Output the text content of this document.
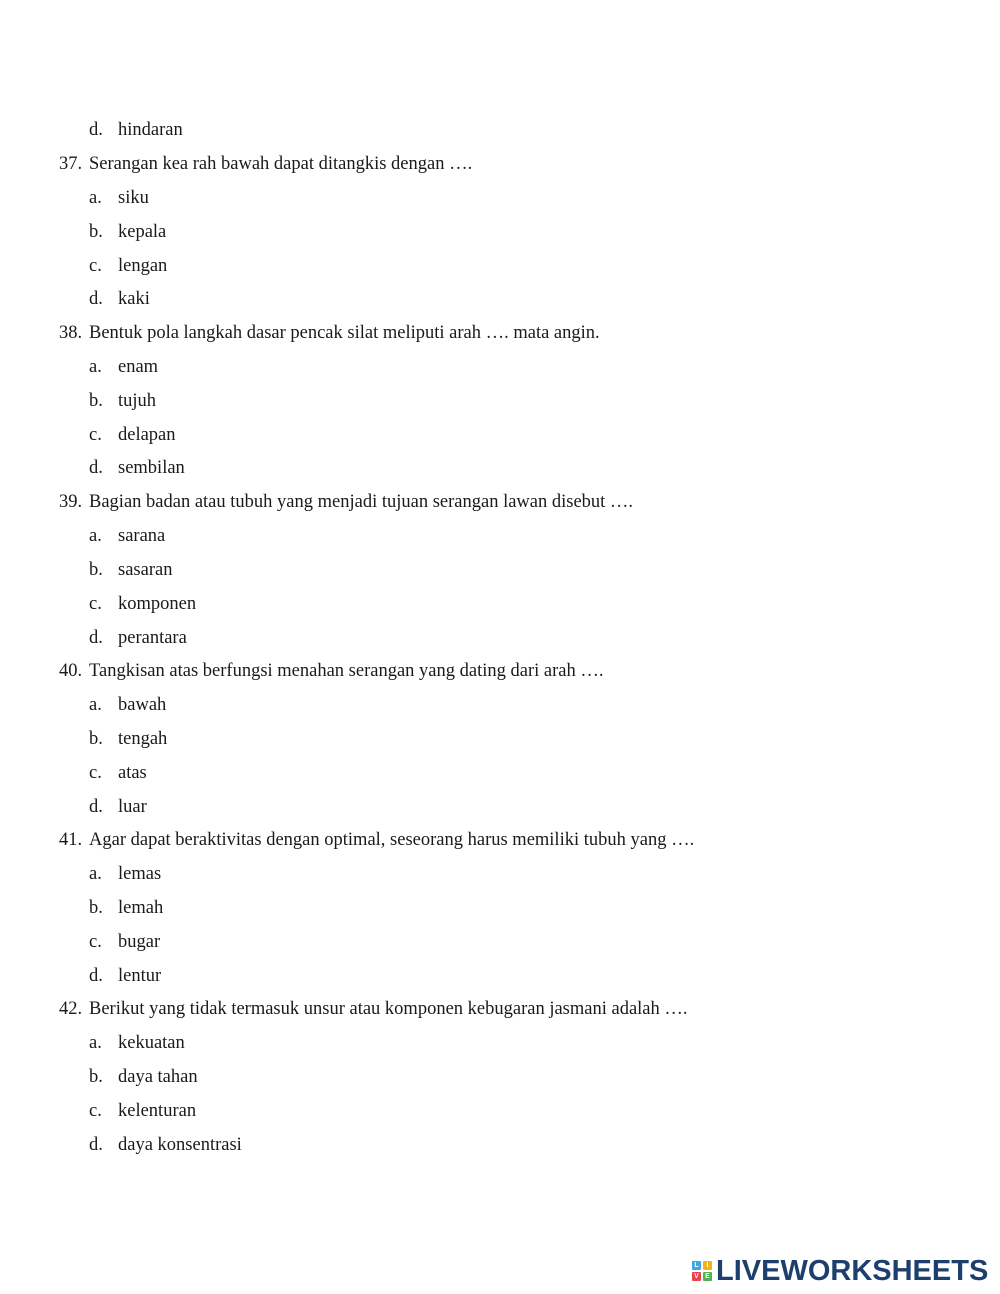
d. hindaran
37. Serangan kea rah bawah dapat ditangkis dengan ….
a. siku
b. kepala
c. lengan
d. kaki
38. Bentuk pola langkah dasar pencak silat meliputi arah …. mata angin.
a. enam
b. tujuh
c. delapan
d. sembilan
39. Bagian badan atau tubuh yang menjadi tujuan serangan lawan disebut ….
a. sarana
b. sasaran
c. komponen
d. perantara
40. Tangkisan atas berfungsi menahan serangan yang dating dari arah ….
a. bawah
b. tengah
c. atas
d. luar
41. Agar dapat beraktivitas dengan optimal, seseorang harus memiliki tubuh yang ….
a. lemas
b. lemah
c. bugar
d. lentur
42. Berikut yang tidak termasuk unsur atau komponen kebugaran jasmani adalah ….
a. kekuatan
b. daya tahan
c. kelenturan
d. daya konsentrasi
L	I
V E LIVEWORKSHEETS
